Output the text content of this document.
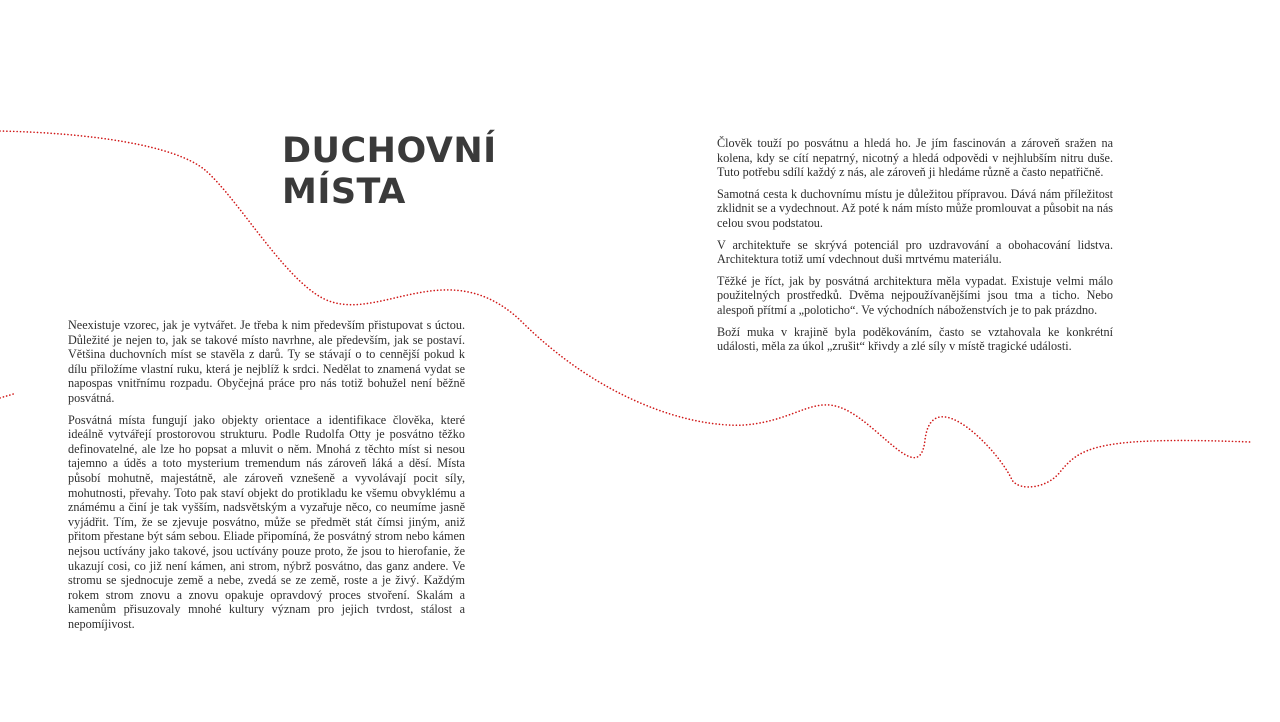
DUCHOVNÍ
MÍSTA

Neexistuje vzorec, jak je vytvářet. Je třeba k nim především přistupovat s úctou. Důležité je nejen to, jak se takové místo navrhne, ale především, jak se postaví. Většina duchovních míst se stavěla z darů. Ty se stávají o to cennější pokud k dílu přiložíme vlastní ruku, která je nejblíž k srdci. Nedělat to znamená vydat se napospas vnitřnímu rozpadu. Obyčejná práce pro nás totiž bohužel není běžně posvátná.

Posvátná místa fungují jako objekty orientace a identifikace člověka, které ideálně vytvářejí prostorovou strukturu. Podle Rudolfa Otty je posvátno těžko definovatelné, ale lze ho popsat a mluvit o něm. Mnohá z těchto míst si nesou tajemno a úděs a toto mysterium tremendum nás zároveň láká a děsí. Místa působí mohutně, majestátně, ale zároveň vznešeně a vyvolávají pocit síly, mohutnosti, převahy. Toto pak staví objekt do protikladu ke všemu obvyklému a známému a činí je tak vyšším, nadsvětským a vyzařuje něco, co neumíme jasně vyjádřit. Tím, že se zjevuje posvátno, může se předmět stát čímsi jiným, aniž přitom přestane být sám sebou. Eliade připomíná, že posvátný strom nebo kámen nejsou uctívány jako takové, jsou uctívány pouze proto, že jsou to hierofanie, že ukazují cosi, co již není kámen, ani strom, nýbrž posvátno, das ganz andere. Ve stromu se sjednocuje země a nebe, zvedá se ze země, roste a je živý. Každým rokem strom znovu a znovu opakuje opravdový proces stvoření. Skalám a kamenům přisuzovaly mnohé kultury význam pro jejich tvrdost, stálost a nepomíjivost.

Člověk touží po posvátnu a hledá ho. Je jím fascinován a zároveň sražen na kolena, kdy se cítí nepatrný, nicotný a hledá odpovědi v nejhlubším nitru duše. Tuto potřebu sdílí každý z nás, ale zároveň ji hledáme různě a často nepatřičně.

Samotná cesta k duchovnímu místu je důležitou přípravou. Dává nám příležitost zklidnit se a vydechnout. Až poté k nám místo může promlouvat a působit na nás celou svou podstatou.

V architektuře se skrývá potenciál pro uzdravování a obohacování lidstva. Architektura totiž umí vdechnout duši mrtvému materiálu.

Těžké je říct, jak by posvátná architektura měla vypadat. Existuje velmi málo použitelných prostředků. Dvěma nejpoužívanějšími jsou tma a ticho. Nebo alespoň přítmí a „poloticho“. Ve východních náboženstvích je to pak prázdno.

Boží muka v krajině byla poděkováním, často se vztahovala ke konkrétní události, měla za úkol „zrušit“ křivdy a zlé síly v místě tragické události.
